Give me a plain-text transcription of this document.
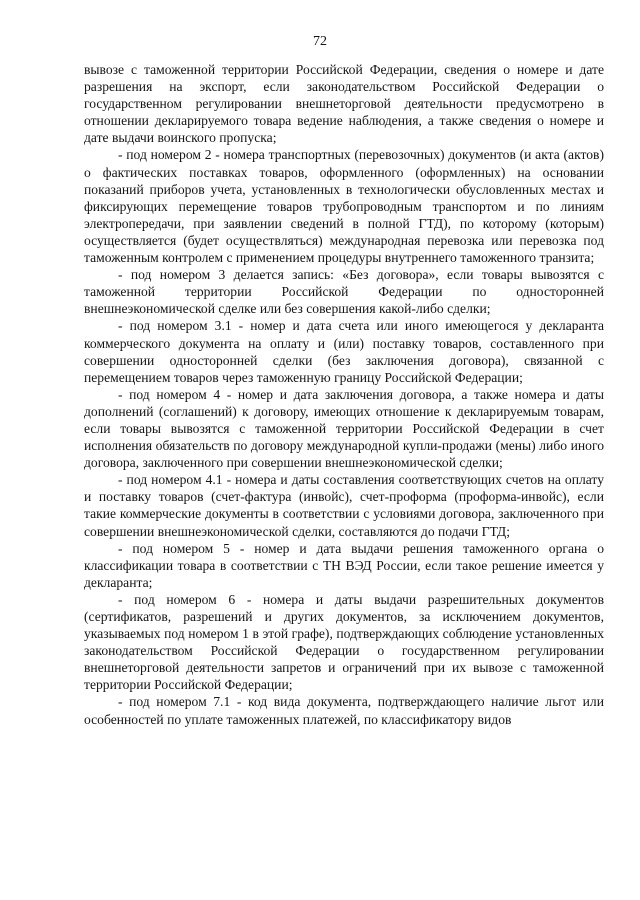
72

вывозе с таможенной территории Российской Федерации, сведения о номере и дате разрешения на экспорт, если законодательством Российской Федерации о государственном регулировании внешнеторговой деятельности предусмотрено в отношении декларируемого товара ведение наблюдения, а также сведения о номере и дате выдачи воинского пропуска;

- под номером 2 - номера транспортных (перевозочных) документов (и акта (актов) о фактических поставках товаров, оформленного (оформленных) на основании показаний приборов учета, установленных в технологически обусловленных местах и фиксирующих перемещение товаров трубопроводным транспортом и по линиям электропередачи, при заявлении сведений в полной ГТД), по которому (которым) осуществляется (будет осуществляться) международная перевозка или перевозка под таможенным контролем с применением процедуры внутреннего таможенного транзита;

- под номером 3 делается запись: «Без договора», если товары вывозятся с таможенной территории Российской Федерации по односторонней внешнеэкономической сделке или без совершения какой-либо сделки;

- под номером 3.1 - номер и дата счета или иного имеющегося у декларанта коммерческого документа на оплату и (или) поставку товаров, составленного при совершении односторонней сделки (без заключения договора), связанной с перемещением товаров через таможенную границу Российской Федерации;

- под номером 4 - номер и дата заключения договора, а также номера и даты дополнений (соглашений) к договору, имеющих отношение к декларируемым товарам, если товары вывозятся с таможенной территории Российской Федерации в счет исполнения обязательств по договору международной купли-продажи (мены) либо иного договора, заключенного при совершении внешнеэкономической сделки;

- под номером 4.1 - номера и даты составления соответствующих счетов на оплату и поставку товаров (счет-фактура (инвойс), счет-проформа (проформа-инвойс), если такие коммерческие документы в соответствии с условиями договора, заключенного при совершении внешнеэкономической сделки, составляются до подачи ГТД;

- под номером 5 - номер и дата выдачи решения таможенного органа о классификации товара в соответствии с ТН ВЭД России, если такое решение имеется у декларанта;

- под номером 6 - номера и даты выдачи разрешительных документов (сертификатов, разрешений и других документов, за исключением документов, указываемых под номером 1 в этой графе), подтверждающих соблюдение установленных законодательством Российской Федерации о государственном регулировании внешнеторговой деятельности запретов и ограничений при их вывозе с таможенной территории Российской Федерации;

- под номером 7.1 - код вида документа, подтверждающего наличие льгот или особенностей по уплате таможенных платежей, по классификатору видов
